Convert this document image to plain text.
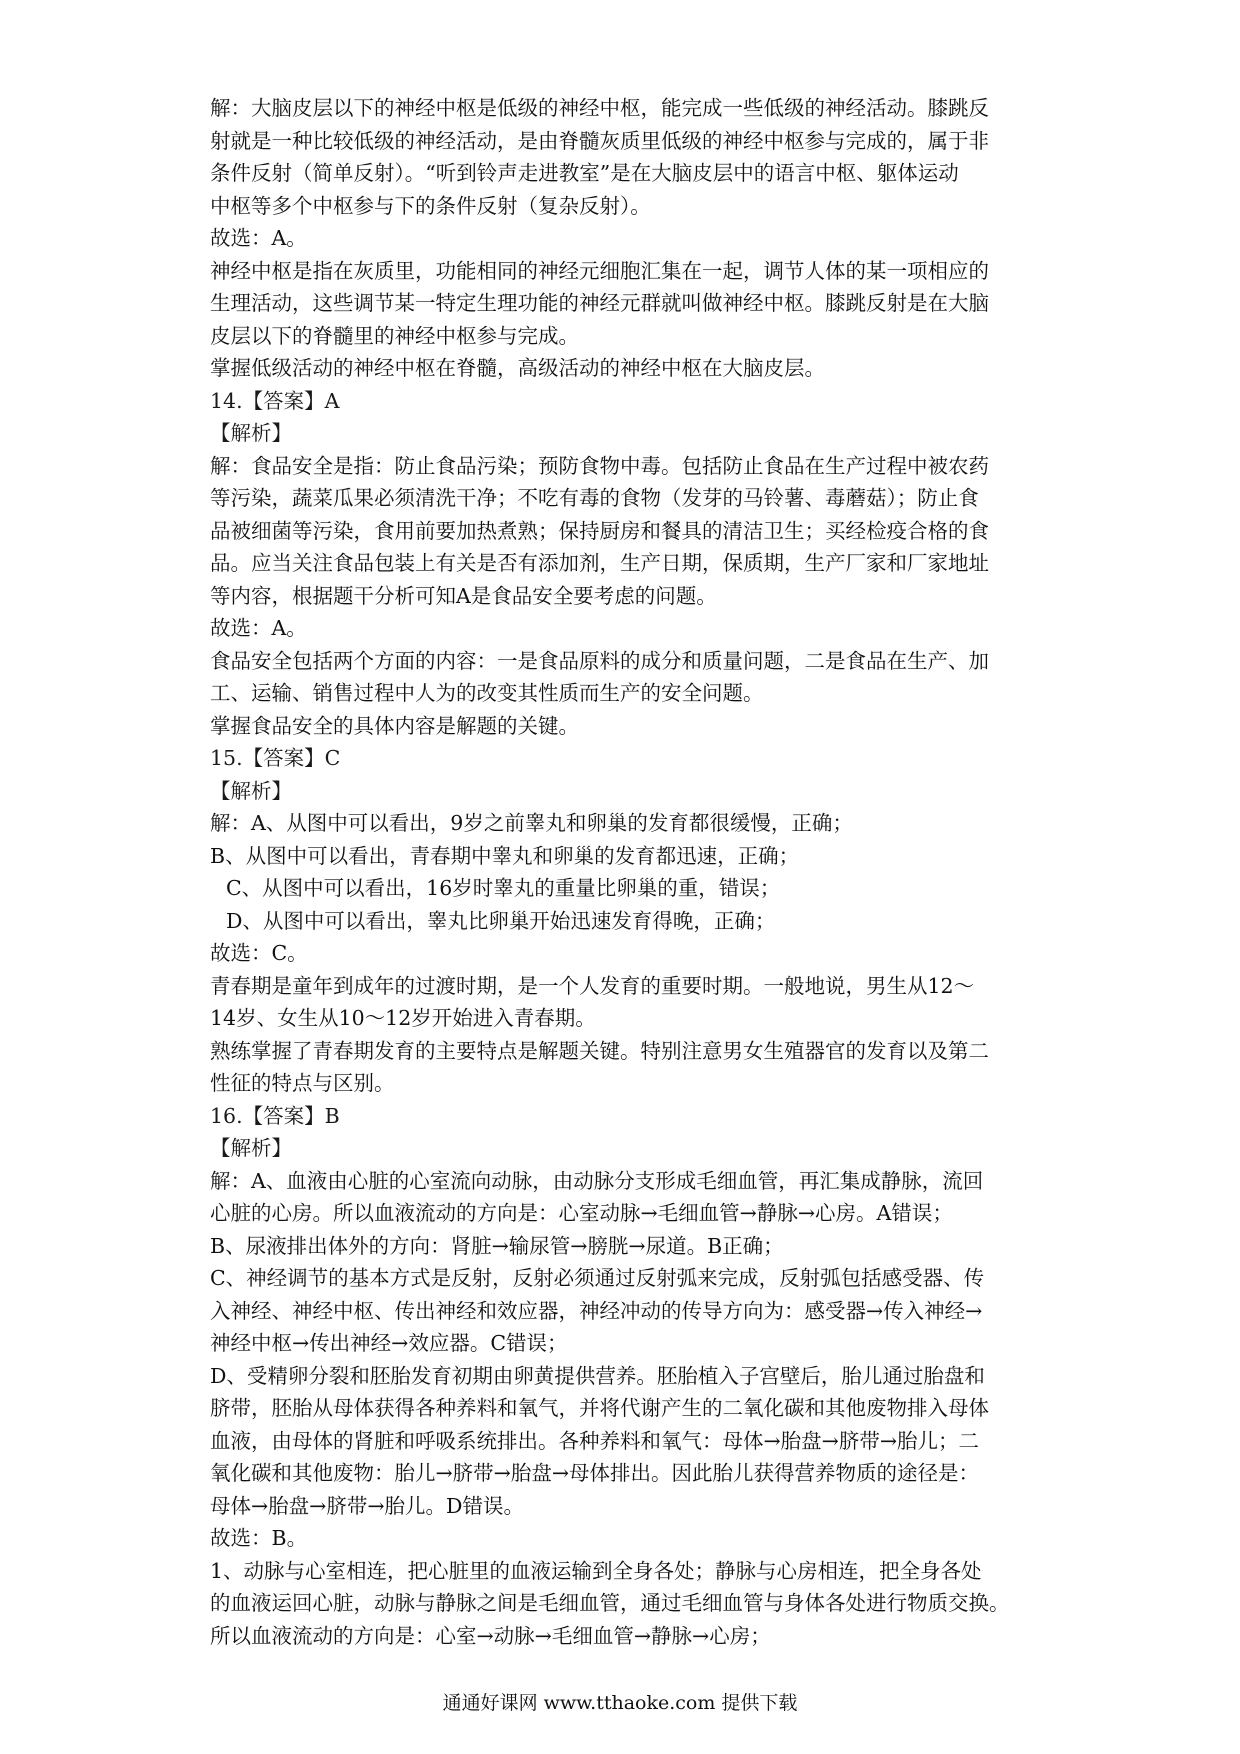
解：大脑皮层以下的神经中枢是低级的神经中枢，能完成一些低级的神经活动。膝跳反

射就是一种比较低级的神经活动，是由脊髓灰质里低级的神经中枢参与完成的，属于非

条件反射（简单反射）。“听到铃声走进教室”是在大脑皮层中的语言中枢、躯体运动

中枢等多个中枢参与下的条件反射（复杂反射）。

故选：A。

神经中枢是指在灰质里，功能相同的神经元细胞汇集在一起，调节人体的某一项相应的

生理活动，这些调节某一特定生理功能的神经元群就叫做神经中枢。膝跳反射是在大脑

皮层以下的脊髓里的神经中枢参与完成。

掌握低级活动的神经中枢在脊髓，高级活动的神经中枢在大脑皮层。

14.【答案】A

【解析】

解：食品安全是指：防止食品污染；预防食物中毒。包括防止食品在生产过程中被农药

等污染，蔬菜瓜果必须清洗干净；不吃有毒的食物（发芽的马铃薯、毒蘑菇）；防止食

品被细菌等污染，食用前要加热煮熟；保持厨房和餐具的清洁卫生；买经检疫合格的食

品。应当关注食品包装上有关是否有添加剂，生产日期，保质期，生产厂家和厂家地址

等内容，根据题干分析可知A是食品安全要考虑的问题。

故选：A。

食品安全包括两个方面的内容：一是食品原料的成分和质量问题，二是食品在生产、加

工、运输、销售过程中人为的改变其性质而生产的安全问题。

掌握食品安全的具体内容是解题的关键。

15.【答案】C

【解析】

解：A、从图中可以看出，9岁之前睾丸和卵巢的发育都很缓慢，正确；

B、从图中可以看出，青春期中睾丸和卵巢的发育都迅速，正确；

C、从图中可以看出，16岁时睾丸的重量比卵巢的重，错误；

D、从图中可以看出，睾丸比卵巢开始迅速发育得晚，正确；

故选：C。

青春期是童年到成年的过渡时期，是一个人发育的重要时期。一般地说，男生从12～

14岁、女生从10～12岁开始进入青春期。

熟练掌握了青春期发育的主要特点是解题关键。特别注意男女生殖器官的发育以及第二

性征的特点与区别。

16.【答案】B

【解析】

解：A、血液由心脏的心室流向动脉，由动脉分支形成毛细血管，再汇集成静脉，流回

心脏的心房。所以血液流动的方向是：心室动脉→毛细血管→静脉→心房。A错误；

B、尿液排出体外的方向：肾脏→输尿管→膀胱→尿道。B正确；

C、神经调节的基本方式是反射，反射必须通过反射弧来完成，反射弧包括感受器、传

入神经、神经中枢、传出神经和效应器，神经冲动的传导方向为：感受器→传入神经→

神经中枢→传出神经→效应器。C错误；

D、受精卵分裂和胚胎发育初期由卵黄提供营养。胚胎植入子宫壁后，胎儿通过胎盘和

脐带，胚胎从母体获得各种养料和氧气，并将代谢产生的二氧化碳和其他废物排入母体

血液，由母体的肾脏和呼吸系统排出。各种养料和氧气：母体→胎盘→脐带→胎儿；二

氧化碳和其他废物：胎儿→脐带→胎盘→母体排出。因此胎儿获得营养物质的途径是：

母体→胎盘→脐带→胎儿。D错误。

故选：B。

1、动脉与心室相连，把心脏里的血液运输到全身各处；静脉与心房相连，把全身各处

的血液运回心脏，动脉与静脉之间是毛细血管，通过毛细血管与身体各处进行物质交换。

所以血液流动的方向是：心室→动脉→毛细血管→静脉→心房；

通通好课网 www.tthaoke.com 提供下载
